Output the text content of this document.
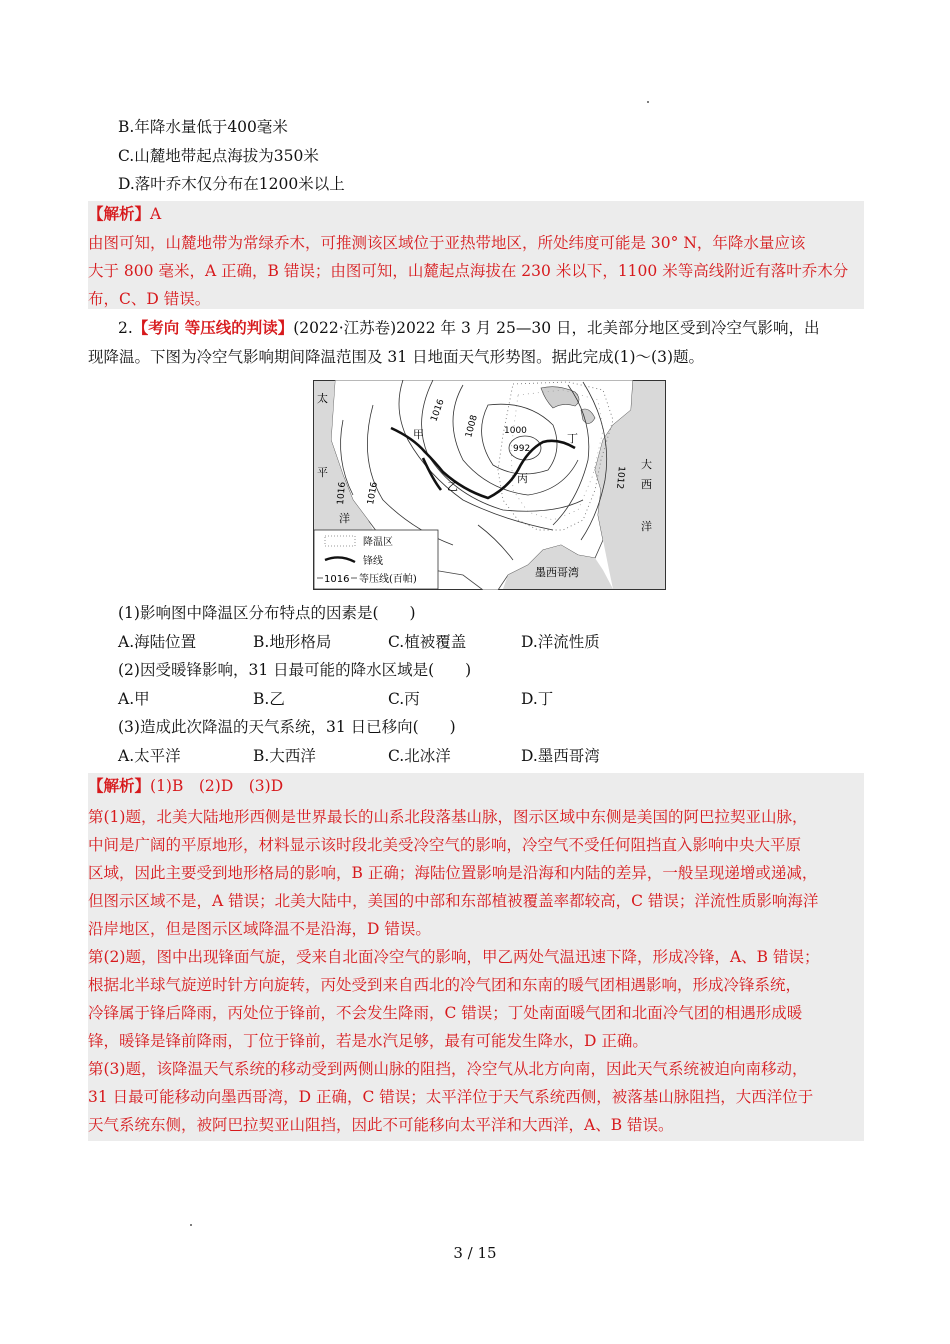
B.年降水量低于400毫米
C.山麓地带起点海拔为350米
D.落叶乔木仅分布在1200米以上
【解析】A
由图可知，山麓地带为常绿乔木，可推测该区域位于亚热带地区，所处纬度可能是 30° N，年降水量应该
大于 800 毫米，A 正确，B 错误；由图可知，山麓起点海拔在 230 米以下，1100 米等高线附近有落叶乔木分
布，C、D 错误。
2.【考向 等压线的判读】(2022·江苏卷)2022 年 3 月 25—30 日，北美部分地区受到冷空气影响，出
现降温。下图为冷空气影响期间降温范围及 31 日地面天气形势图。据此完成(1)～(3)题。
1016
1008	1000
992
1016
1016
1012
太
平
洋
大
西
洋
墨西哥湾
甲
乙
丙
丁
降温区
锋线
1016 等压线(百帕)
(1)影响图中降温区分布特点的因素是(　　)
A.海陆位置	B.地形格局	C.植被覆盖	D.洋流性质
(2)因受暖锋影响，31 日最可能的降水区域是(　　)
A.甲	B.乙	C.丙	D.丁
(3)造成此次降温的天气系统，31 日已移向(　　)
A.太平洋	B.大西洋	C.北冰洋	D.墨西哥湾
【解析】(1)B　(2)D　(3)D
第(1)题，北美大陆地形西侧是世界最长的山系北段落基山脉，图示区域中东侧是美国的阿巴拉契亚山脉，
中间是广阔的平原地形，材料显示该时段北美受冷空气的影响，冷空气不受任何阻挡直入影响中央大平原
区域，因此主要受到地形格局的影响，B 正确；海陆位置影响是沿海和内陆的差异，一般呈现递增或递减，
但图示区域不是，A 错误；北美大陆中，美国的中部和东部植被覆盖率都较高，C 错误；洋流性质影响海洋
沿岸地区，但是图示区域降温不是沿海，D 错误。
第(2)题，图中出现锋面气旋，受来自北面冷空气的影响，甲乙两处气温迅速下降，形成冷锋，A、B 错误；
根据北半球气旋逆时针方向旋转，丙处受到来自西北的冷气团和东南的暖气团相遇影响，形成冷锋系统，
冷锋属于锋后降雨，丙处位于锋前，不会发生降雨，C 错误；丁处南面暖气团和北面冷气团的相遇形成暖
锋，暖锋是锋前降雨，丁位于锋前，若是水汽足够，最有可能发生降水，D 正确。
第(3)题，该降温天气系统的移动受到两侧山脉的阻挡，冷空气从北方向南，因此天气系统被迫向南移动，
31 日最可能移动向墨西哥湾，D 正确，C 错误；太平洋位于天气系统西侧，被落基山脉阻挡，大西洋位于
天气系统东侧，被阿巴拉契亚山阻挡，因此不可能移向太平洋和大西洋，A、B 错误。
3 / 15
